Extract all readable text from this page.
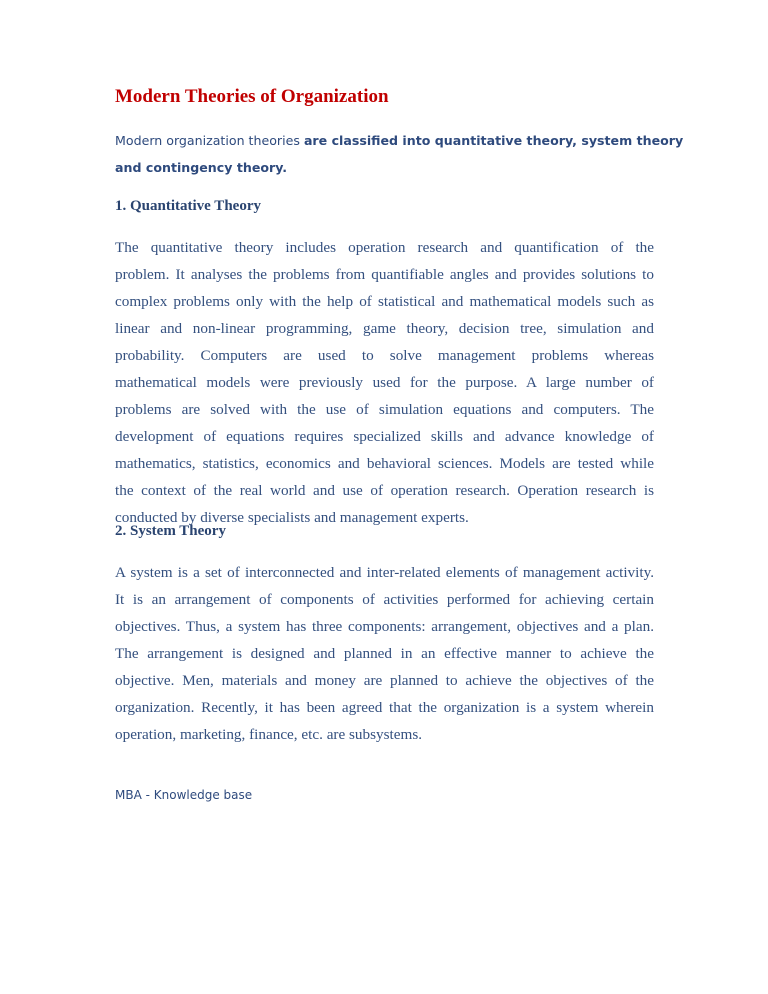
Modern Theories of Organization
Modern organization theories are classified into quantitative theory, system theory
and contingency theory.
1. Quantitative Theory
The quantitative theory includes operation research and quantification of the
problem. It analyses the problems from quantifiable angles and provides solutions to
complex problems only with the help of statistical and mathematical models such as
linear and non-linear programming, game theory, decision tree, simulation and
probability. Computers are used to solve management problems whereas
mathematical models were previously used for the purpose. A large number of
problems are solved with the use of simulation equations and computers. The
development of equations requires specialized skills and advance knowledge of
mathematics, statistics, economics and behavioral sciences. Models are tested while
the context of the real world and use of operation research. Operation research is
conducted by diverse specialists and management experts.
2. System Theory
A system is a set of interconnected and inter-related elements of management activity.
It is an arrangement of components of activities performed for achieving certain
objectives. Thus, a system has three components: arrangement, objectives and a plan.
The arrangement is designed and planned in an effective manner to achieve the
objective. Men, materials and money are planned to achieve the objectives of the
organization. Recently, it has been agreed that the organization is a system wherein
operation, marketing, finance, etc. are subsystems.
MBA - Knowledge base
